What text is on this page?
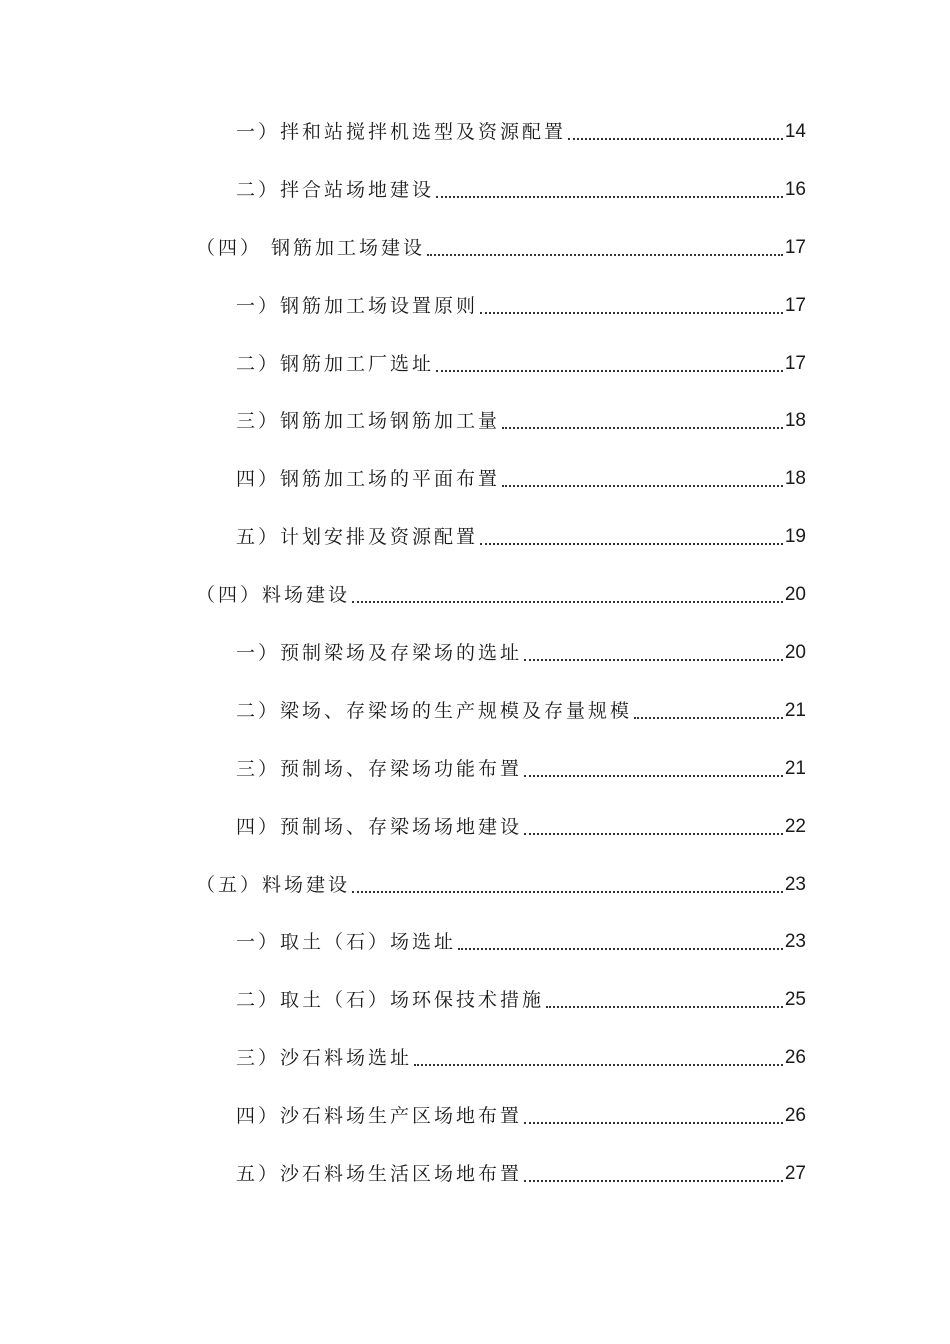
一）拌和站搅拌机选型及资源配置	14
二）拌合站场地建设	16
（四） 钢筋加工场建设	17
一）钢筋加工场设置原则	17
二）钢筋加工厂选址	17
三）钢筋加工场钢筋加工量	18
四）钢筋加工场的平面布置	18
五）计划安排及资源配置	19
（四）料场建设	20
一）预制梁场及存梁场的选址	20
二）梁场、存梁场的生产规模及存量规模	21
三）预制场、存梁场功能布置	21
四）预制场、存梁场场地建设	22
（五）料场建设	23
一）取土（石）场选址	23
二）取土（石）场环保技术措施	25
三）沙石料场选址	26
四）沙石料场生产区场地布置	26
五）沙石料场生活区场地布置	27
